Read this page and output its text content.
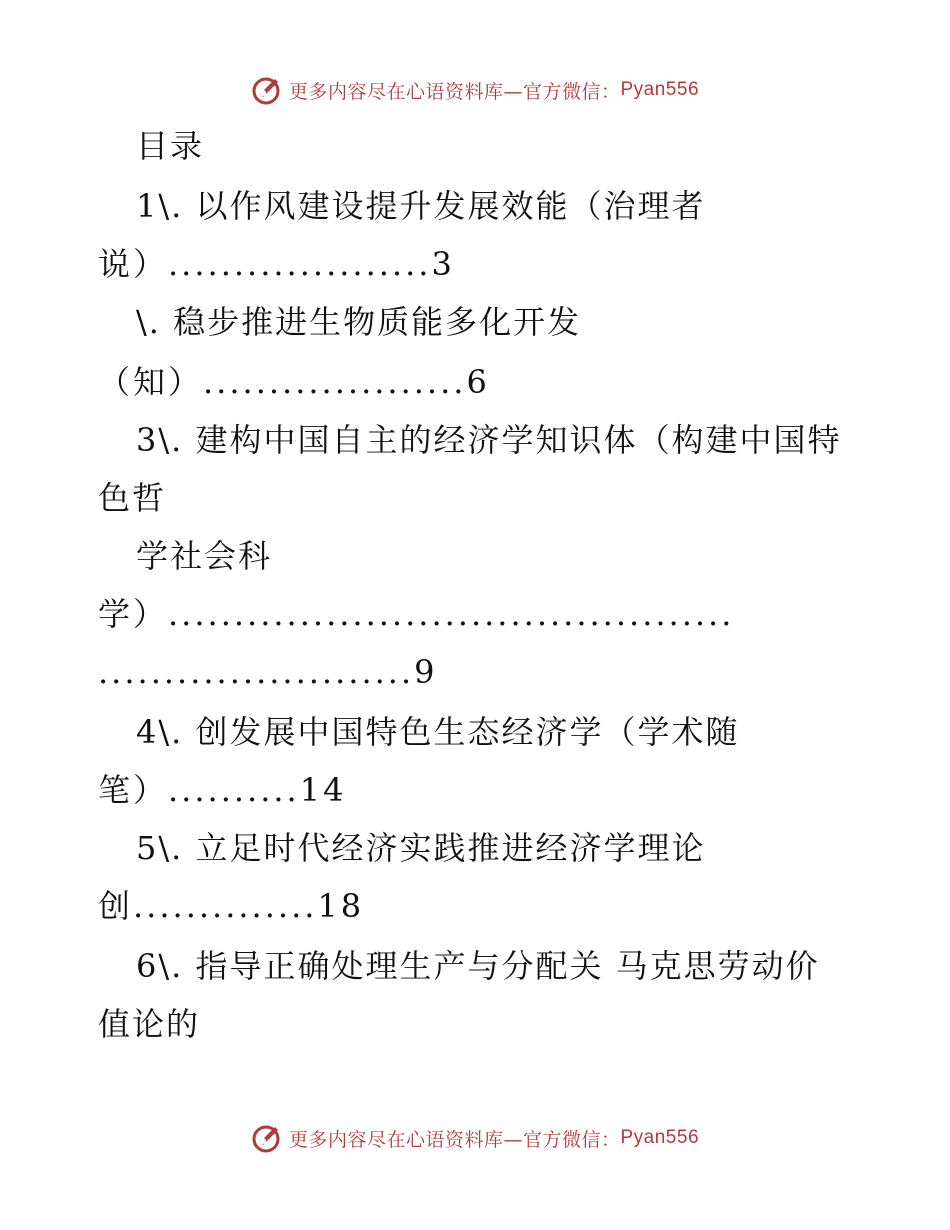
更多内容尽在心语资料库—官方微信： Pyan556
目录
1\. 以作风建设提升发展效能（治理者
说）....................3
\. 稳步推进生物质能多化开发
（知）....................6
3\. 建构中国自主的经济学知识体（构建中国特
色哲
学社会科
学）...........................................
........................9
4\. 创发展中国特色生态经济学（学术随
笔）..........14
5\. 立足时代经济实践推进经济学理论
创..............18
6\. 指导正确处理生产与分配关 马克思劳动价
值论的
更多内容尽在心语资料库—官方微信： Pyan556
